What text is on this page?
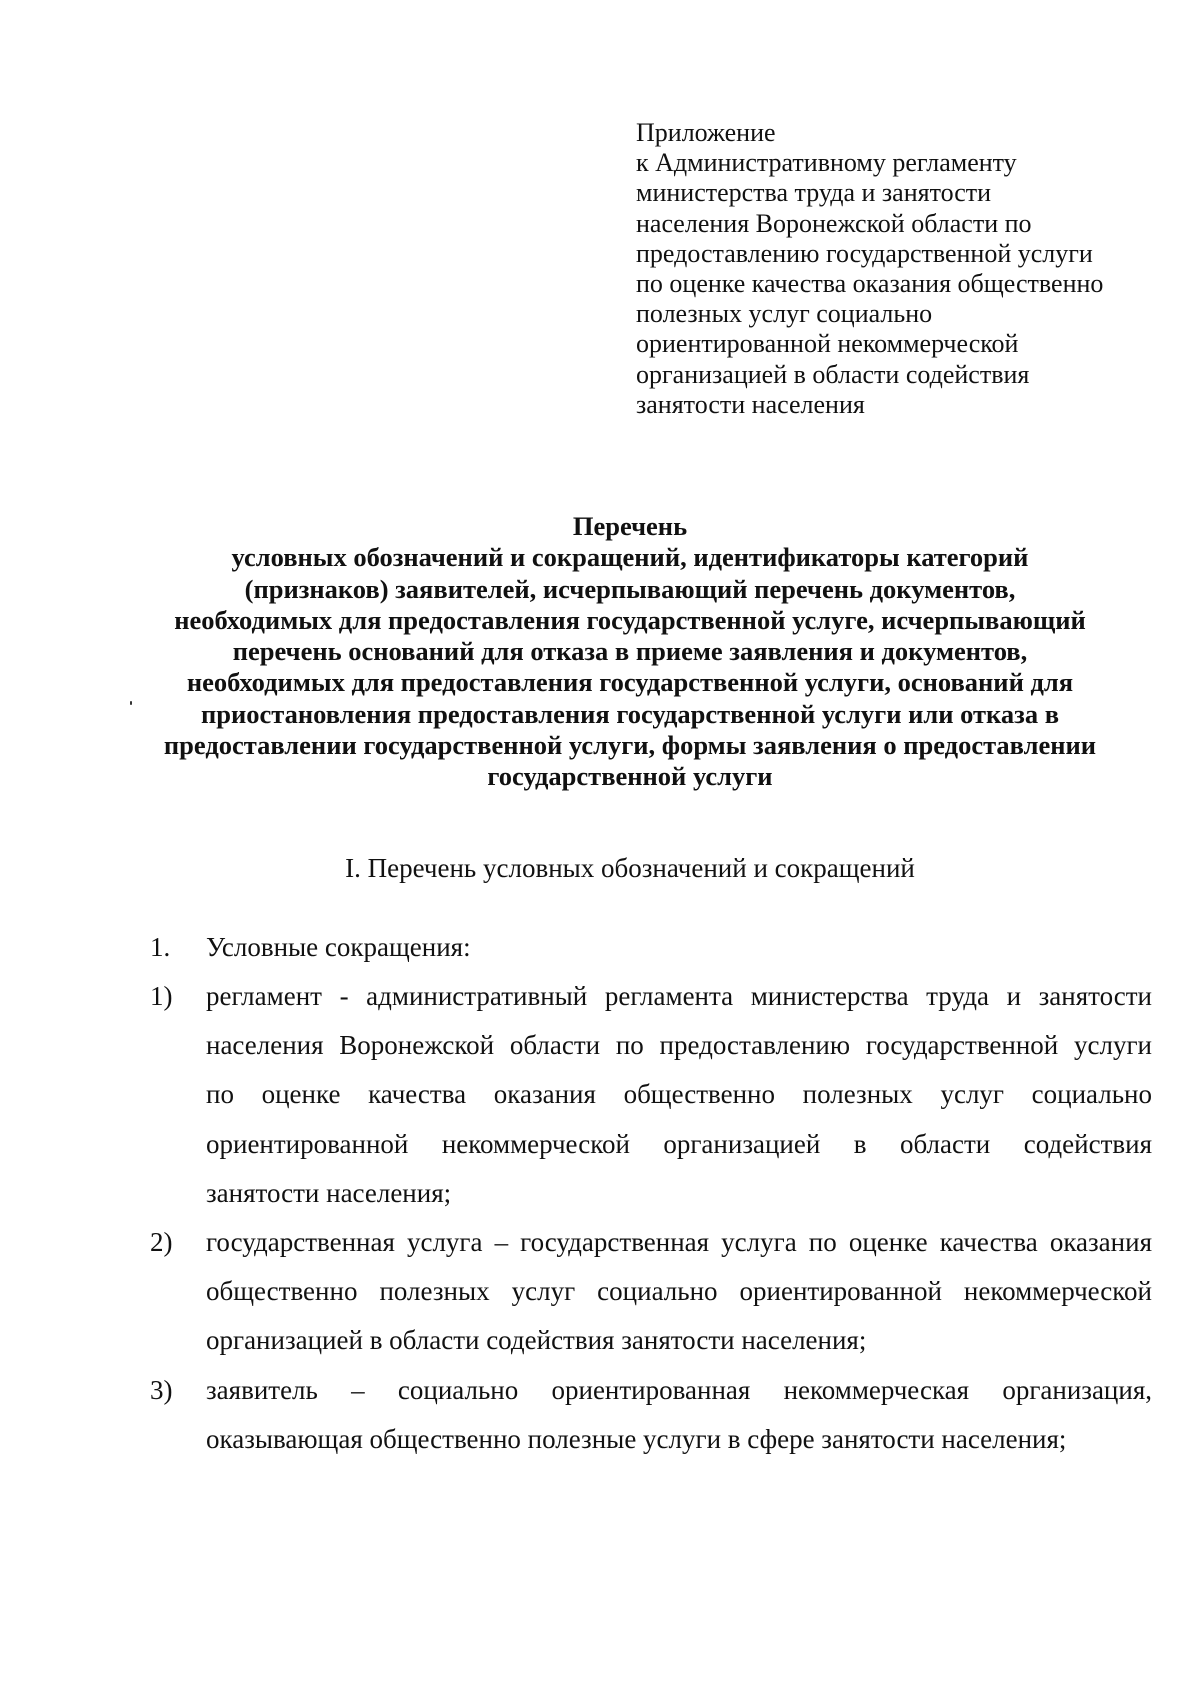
Приложение
к Административному регламенту
министерства труда и занятости
населения Воронежской области по
предоставлению государственной услуги
по оценке качества оказания общественно
полезных услуг социально
ориентированной некоммерческой
организацией в области содействия
занятости населения
Перечень
условных обозначений и сокращений, идентификаторы категорий
(признаков) заявителей, исчерпывающий перечень документов,
необходимых для предоставления государственной услуге, исчерпывающий
перечень оснований для отказа в приеме заявления и документов,
необходимых для предоставления государственной услуги, оснований для
приостановления предоставления государственной услуги или отказа в
предоставлении государственной услуги, формы заявления о предоставлении
государственной услуги
I. Перечень условных обозначений и сокращений
1. Условные сокращения:
1) регламент - административный регламента министерства труда и занятости
населения Воронежской области по предоставлению государственной услуги
по оценке качества оказания общественно полезных услуг социально
ориентированной некоммерческой организацией в области содействия
занятости населения;
2) государственная услуга – государственная услуга по оценке качества оказания
общественно полезных услуг социально ориентированной некоммерческой
организацией в области содействия занятости населения;
3) заявитель – социально ориентированная некоммерческая организация,
оказывающая общественно полезные услуги в сфере занятости населения;
